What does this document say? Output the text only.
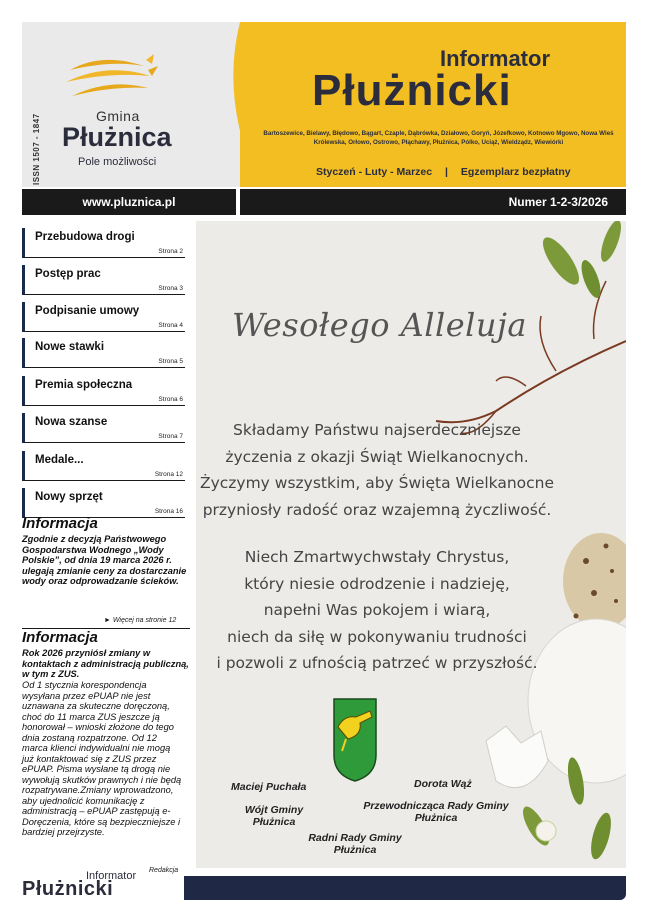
ISSN 1507 - 1847	Gmina
Płużnica
Pole możliwości
Informator
Płużnicki
Bartoszewice, Bielawy, Błędowo, Bągart, Czaple, Dąbrówka, Działowo, Goryń, Józefkowo, Kotnowo Mgowo, Nowa Wieś Królewska, Orłowo, Ostrowo, Płąchawy, Płużnica, Pólko, Uciąż, Wieldządz, Wiewiórki
Styczeń - Luty - Marzec | Egzemplarz bezpłatny
www.pluznica.pl	Numer 1-2-3/2026
Przebudowa drogi
Strona 2
Postęp prac
Strona 3
Podpisanie umowy
Strona 4
Nowe stawki
Strona 5
Premia społeczna
Strona 6
Nowa szanse
Strona 7
Medale...
Strona 12
Nowy sprzęt
Strona 16
Informacja
Zgodnie z decyzją Państwowego Gospodarstwa Wodnego „Wody Polskie”, od dnia 19 marca 2026 r. ulegają zmianie ceny za dostarczanie wody oraz odprowadzanie ścieków.
► Więcej na stronie 12
Informacja
Rok 2026 przyniósł zmiany w kontaktach z administracją publiczną, w tym z ZUS.
Od 1 stycznia korespondencja wysyłana przez ePUAP nie jest uznawana za skuteczne doręczoną, choć do 11 marca ZUS jeszcze ją honorował – wnioski złożone do tego dnia zostaną rozpatrzone. Od 12 marca klienci indywidualni nie mogą już kontaktować się z ZUS przez ePUAP. Pisma wysłane tą drogą nie wywołują skutków prawnych i nie będą rozpatrywane.Zmiany wprowadzono, aby ujednolicić komunikację z administracją – ePUAP zastępują e-Doręczenia, które są bezpieczniejsze i bardziej przejrzyste.
Redakcja
Wesołego Alleluja
Składamy Państwu najserdeczniejsze
życzenia z okazji Świąt Wielkanocnych.
Życzymy wszystkim, aby Święta Wielkanocne
przyniosły radość oraz wzajemną życzliwość.
Niech Zmartwychwstały Chrystus,
który niesie odrodzenie i nadzieję,
napełni Was pokojem i wiarą,
niech da siłę w pokonywaniu trudności
i pozwoli z ufnością patrzeć w przyszłość.
Maciej Puchała
Wójt Gminy Płużnica
Dorota Wąż
Przewodnicząca Rady Gminy Płużnica
Radni Rady Gminy Płużnica
Informator
Płużnicki
